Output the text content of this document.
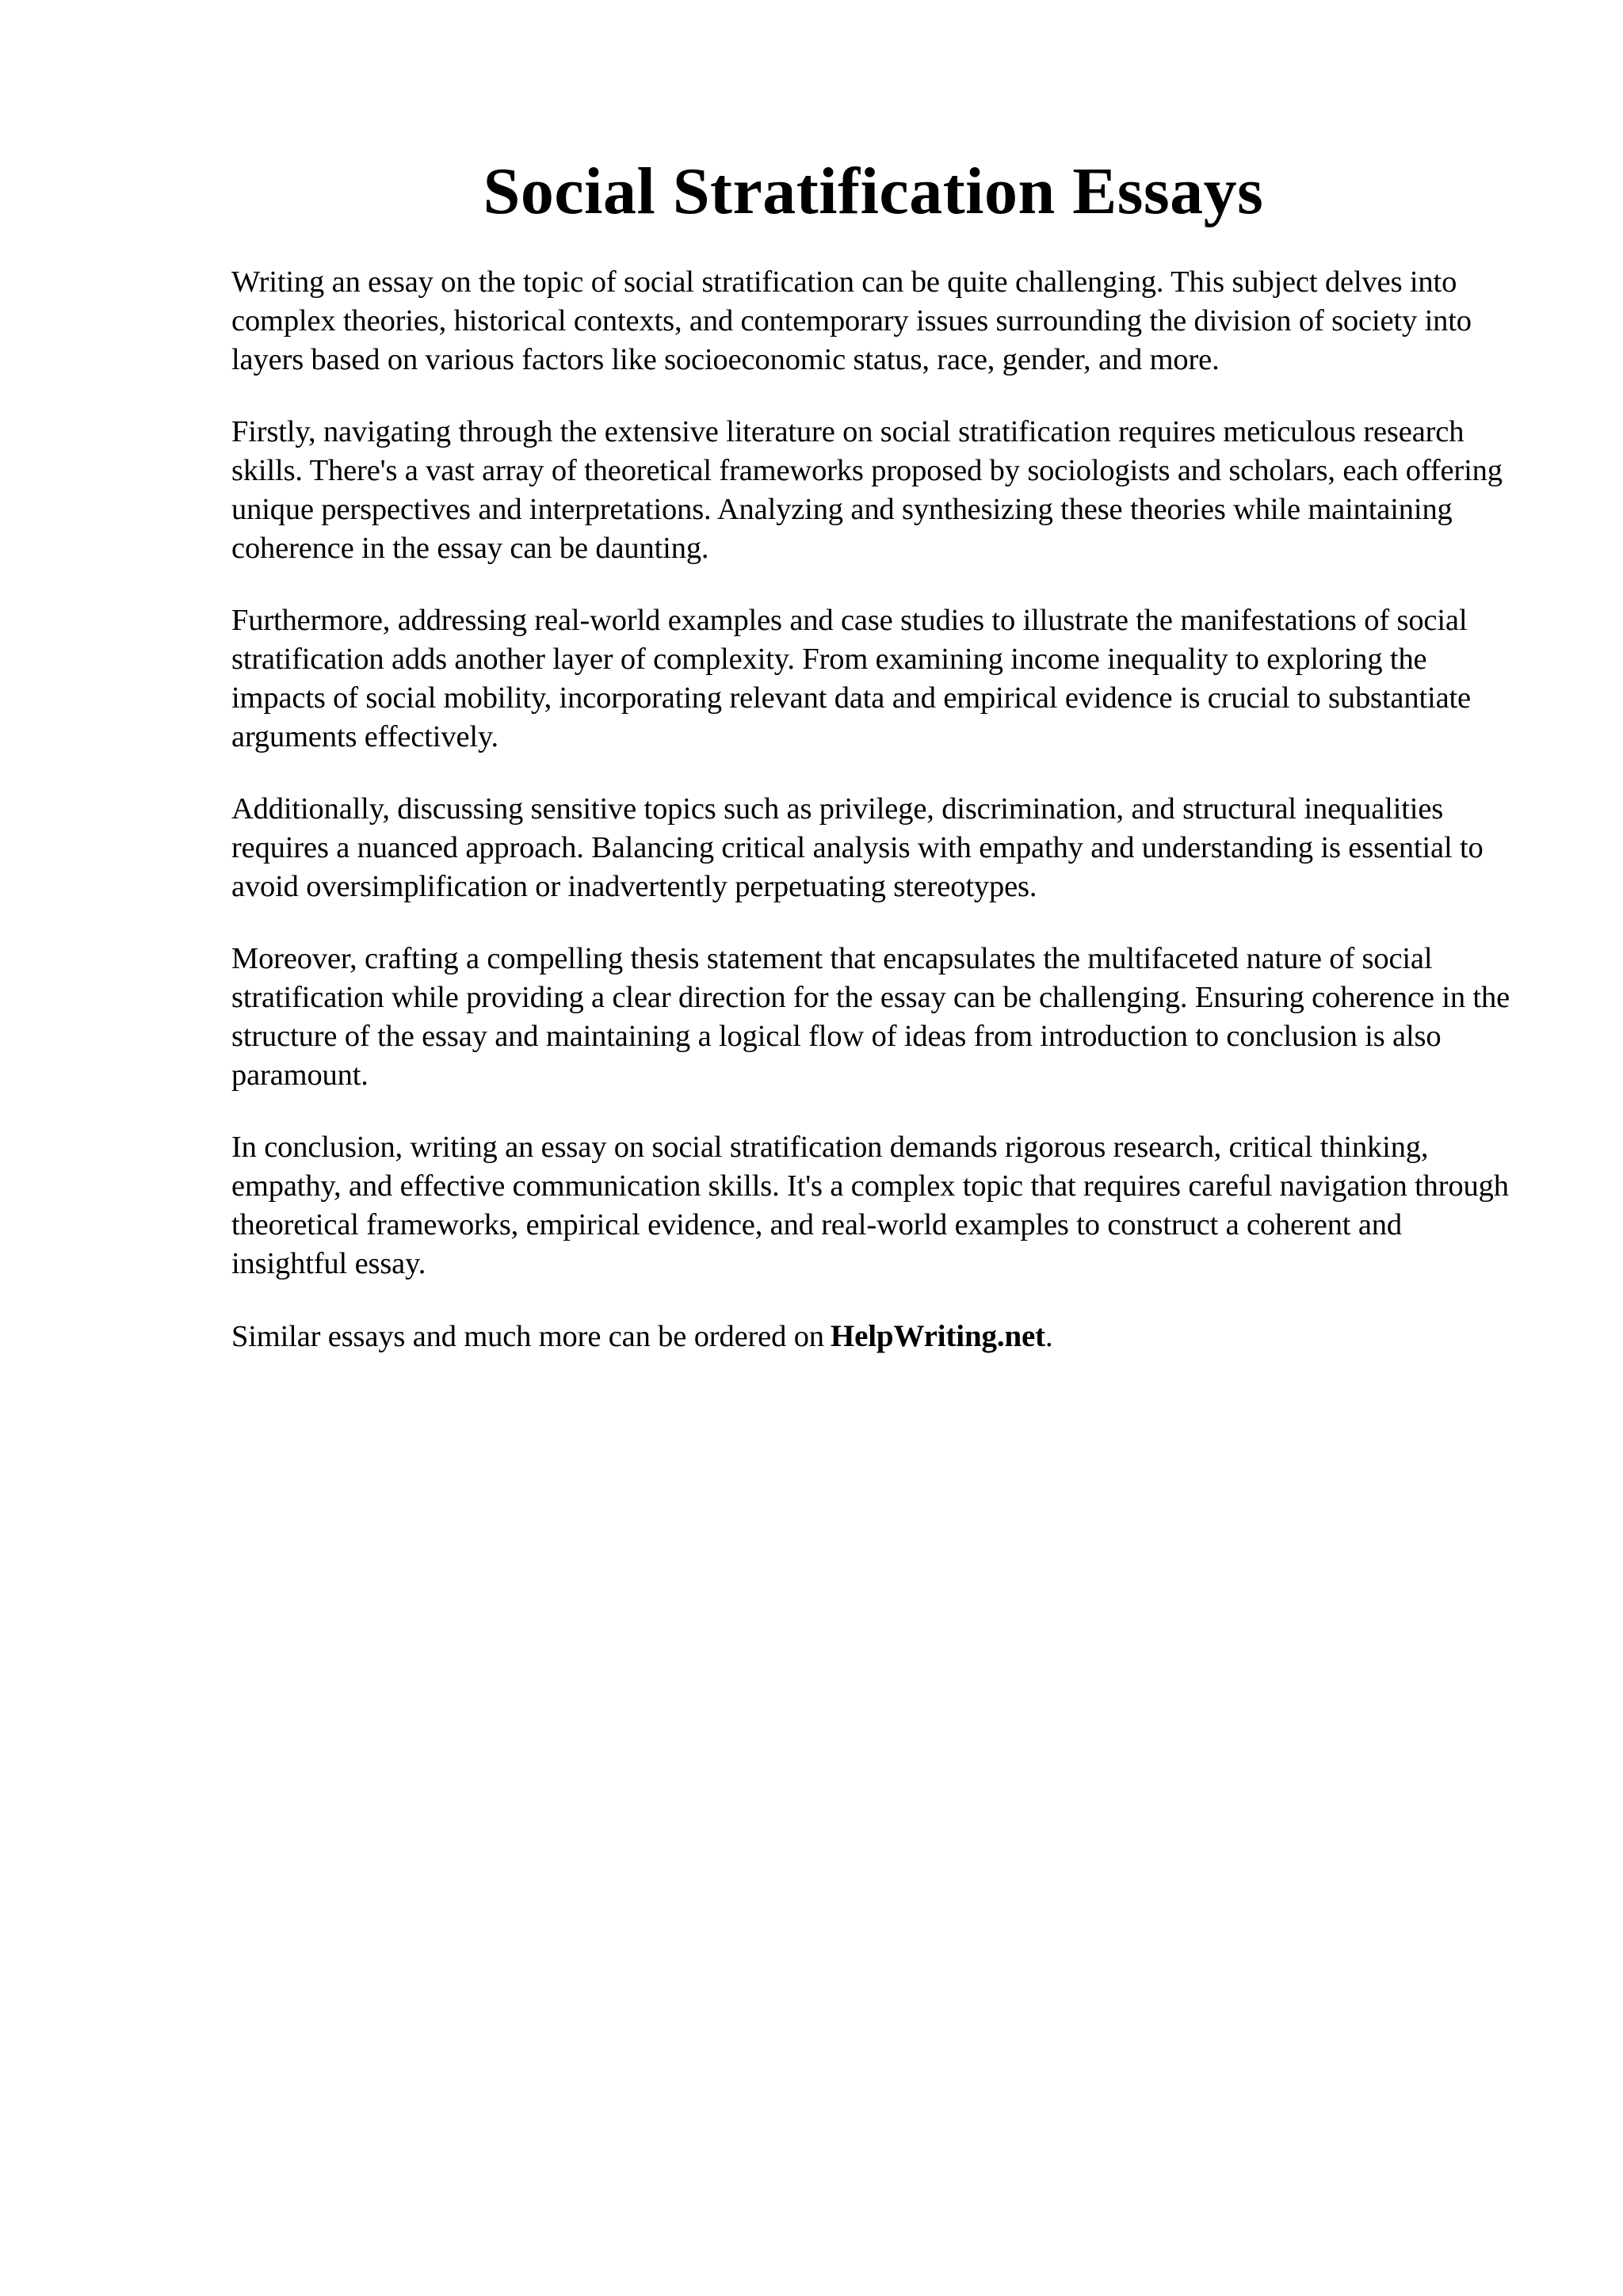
Social Stratification Essays

Writing an essay on the topic of social stratification can be quite challenging. This subject delves into complex theories, historical contexts, and contemporary issues surrounding the division of society into layers based on various factors like socioeconomic status, race, gender, and more.

Firstly, navigating through the extensive literature on social stratification requires meticulous research skills. There's a vast array of theoretical frameworks proposed by sociologists and scholars, each offering unique perspectives and interpretations. Analyzing and synthesizing these theories while maintaining coherence in the essay can be daunting.

Furthermore, addressing real-world examples and case studies to illustrate the manifestations of social stratification adds another layer of complexity. From examining income inequality to exploring the impacts of social mobility, incorporating relevant data and empirical evidence is crucial to substantiate arguments effectively.

Additionally, discussing sensitive topics such as privilege, discrimination, and structural inequalities requires a nuanced approach. Balancing critical analysis with empathy and understanding is essential to avoid oversimplification or inadvertently perpetuating stereotypes.

Moreover, crafting a compelling thesis statement that encapsulates the multifaceted nature of social stratification while providing a clear direction for the essay can be challenging. Ensuring coherence in the structure of the essay and maintaining a logical flow of ideas from introduction to conclusion is also paramount.

In conclusion, writing an essay on social stratification demands rigorous research, critical thinking, empathy, and effective communication skills. It's a complex topic that requires careful navigation through theoretical frameworks, empirical evidence, and real-world examples to construct a coherent and insightful essay.

Similar essays and much more can be ordered on HelpWriting.net.
